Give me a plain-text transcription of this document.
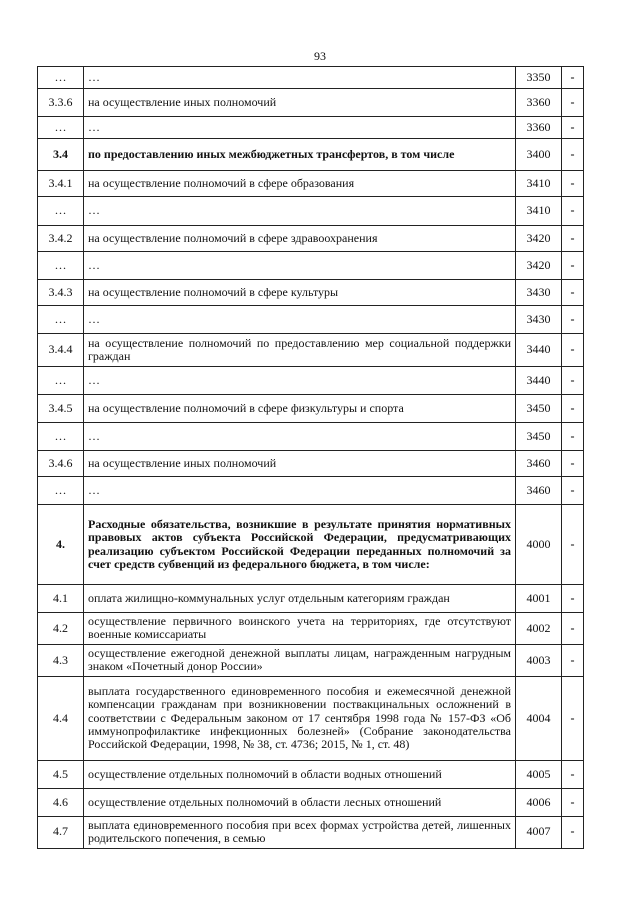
93
…	…	3350	-
3.3.6	на осуществление иных полномочий	3360	-
…	…	3360	-
3.4	по предоставлению иных межбюджетных трансфертов, в том числе	3400	-
3.4.1	на осуществление полномочий в сфере образования	3410	-
…	…	3410	-
3.4.2	на осуществление полномочий в сфере здравоохранения	3420	-
…	…	3420	-
3.4.3	на осуществление полномочий в сфере культуры	3430	-
…	…	3430	-
3.4.4	на осуществление полномочий по предоставлению мер социальной поддержки граждан	3440	-
…	…	3440	-
3.4.5	на осуществление полномочий в сфере физкультуры и спорта	3450	-
…	…	3450	-
3.4.6	на осуществление иных полномочий	3460	-
…	…	3460	-
4.	Расходные обязательства, возникшие в результате принятия нормативных правовых актов субъекта Российской Федерации, предусматривающих реализацию субъектом Российской Федерации переданных полномочий за счет средств субвенций из федерального бюджета, в том числе:	4000	-
4.1	оплата жилищно-коммунальных услуг отдельным категориям граждан	4001	-
4.2	осуществление первичного воинского учета на территориях, где отсутствуют военные комиссариаты	4002	-
4.3	осуществление ежегодной денежной выплаты лицам, награжденным нагрудным знаком «Почетный донор России»	4003	-
4.4	выплата государственного единовременного пособия и ежемесячной денежной компенсации гражданам при возникновении поствакцинальных осложнений в соответствии с Федеральным законом от 17 сентября 1998 года № 157-ФЗ «Об иммунопрофилактике инфекционных болезней» (Собрание законодательства Российской Федерации, 1998, № 38, ст. 4736; 2015, № 1, ст. 48)	4004	-
4.5	осуществление отдельных полномочий в области водных отношений	4005	-
4.6	осуществление отдельных полномочий в области лесных отношений	4006	-
4.7	выплата единовременного пособия при всех формах устройства детей, лишенных родительского попечения, в семью	4007	-
